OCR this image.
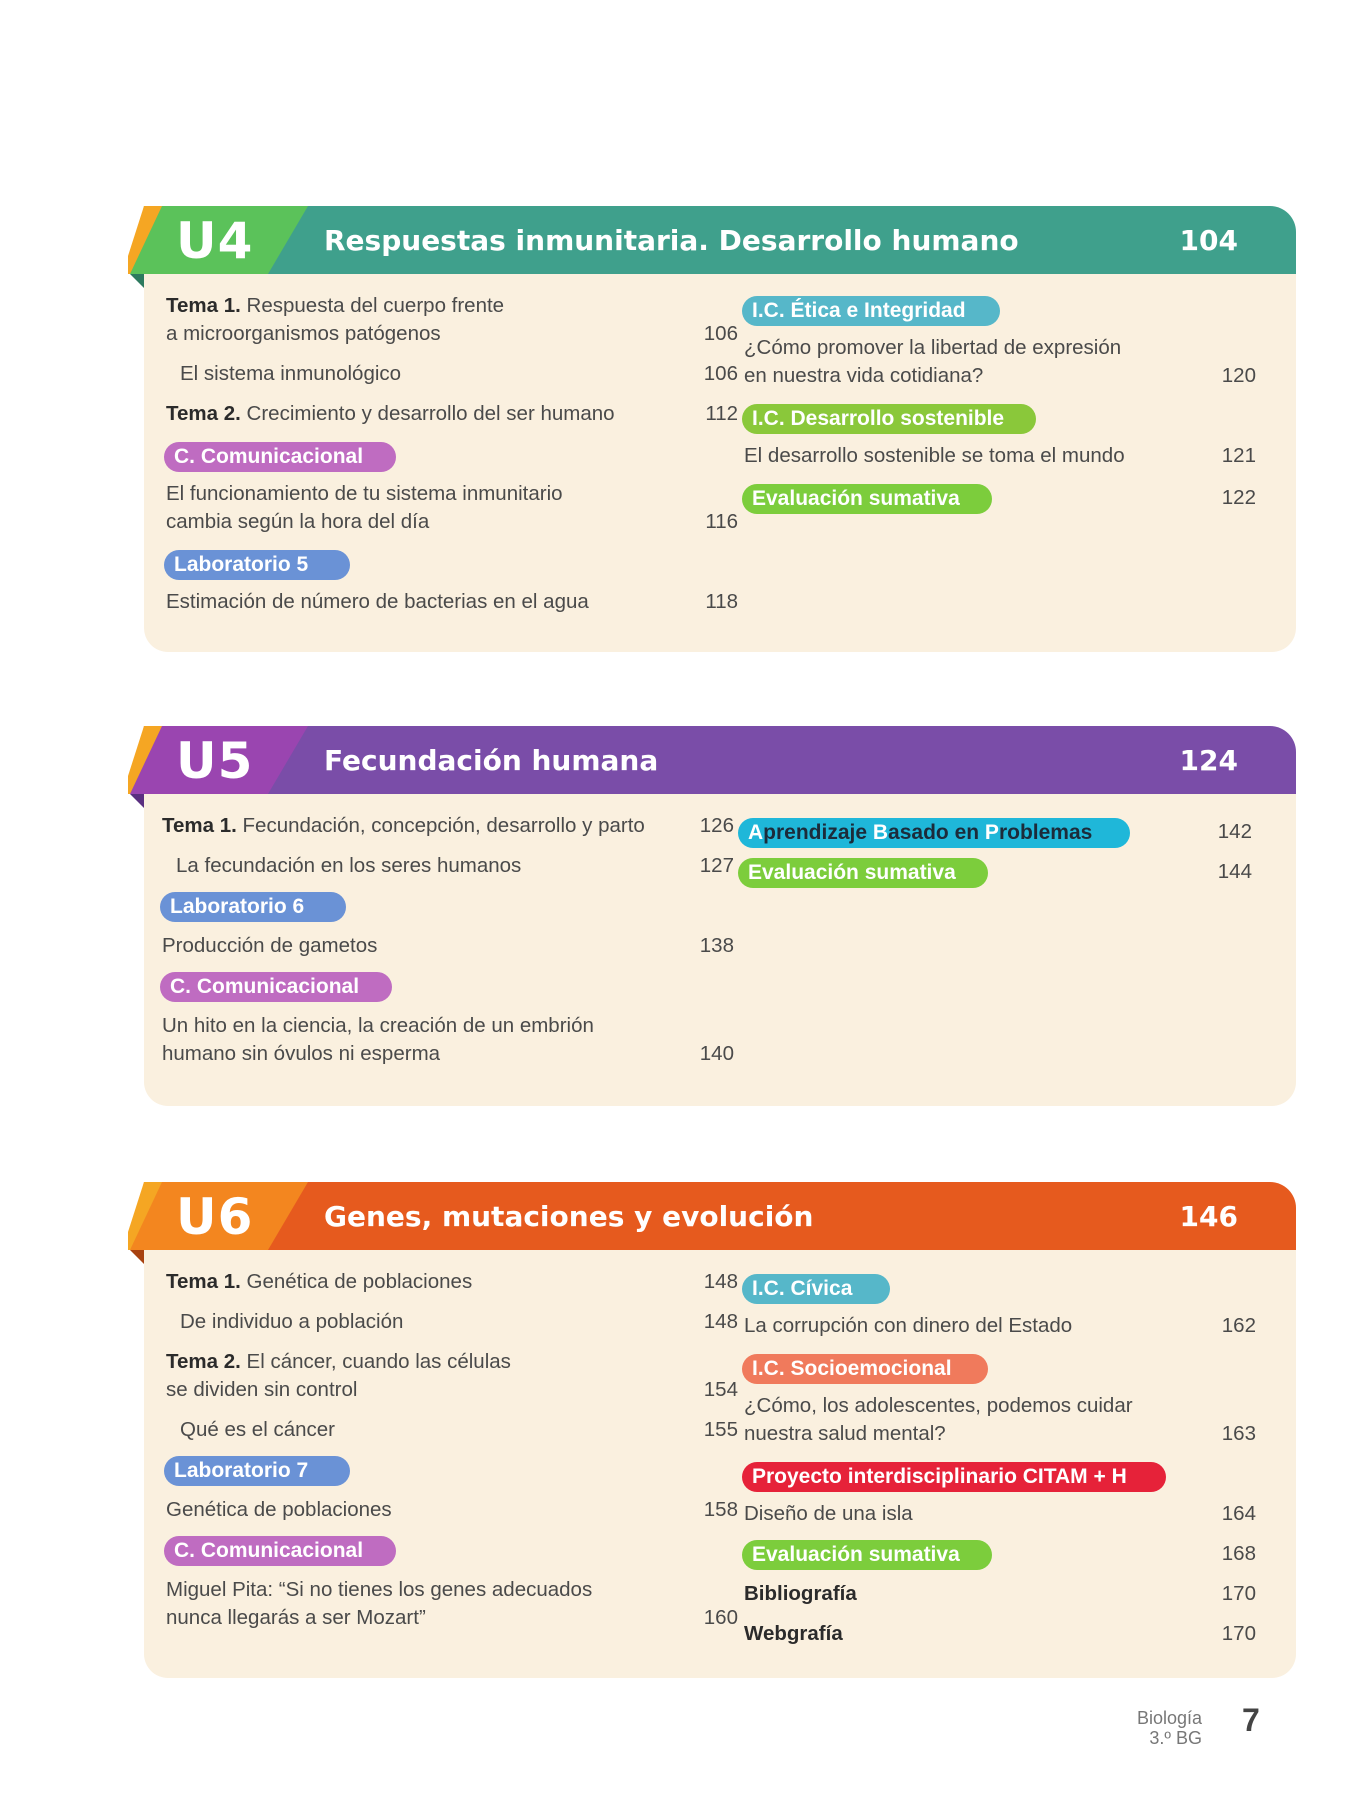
U4	Respuestas inmunitaria. Desarrollo humano	104
Tema 1. Respuesta del cuerpo frente
a microorganismos patógenos	106
El sistema inmunológico	106
Tema 2. Crecimiento y desarrollo del ser humano	112
C. Comunicacional
El funcionamiento de tu sistema inmunitario
cambia según la hora del día	116
Laboratorio 5
Estimación de número de bacterias en el agua	118
I.C. Ética e Integridad
¿Cómo promover la libertad de expresión
en nuestra vida cotidiana?	120
I.C. Desarrollo sostenible
El desarrollo sostenible se toma el mundo	121
Evaluación sumativa	122
U5	Fecundación humana	124
Tema 1. Fecundación, concepción, desarrollo y parto	126
La fecundación en los seres humanos	127
Laboratorio 6
Producción de gametos	138
C. Comunicacional
Un hito en la ciencia, la creación de un embrión
humano sin óvulos ni esperma	140
Aprendizaje Basado en Problemas	142
Evaluación sumativa	144
U6	Genes, mutaciones y evolución	146
Tema 1. Genética de poblaciones	148
De individuo a población	148
Tema 2. El cáncer, cuando las células
se dividen sin control	154
Qué es el cáncer	155
Laboratorio 7
Genética de poblaciones	158
C. Comunicacional
Miguel Pita: “Si no tienes los genes adecuados
nunca llegarás a ser Mozart”	160
I.C. Cívica
La corrupción con dinero del Estado	162
I.C. Socioemocional
¿Cómo, los adolescentes, podemos cuidar
nuestra salud mental?	163
Proyecto interdisciplinario CITAM + H
Diseño de una isla	164
Evaluación sumativa	168
Bibliografía	170
Webgrafía	170
Biología
3.º BG 7
